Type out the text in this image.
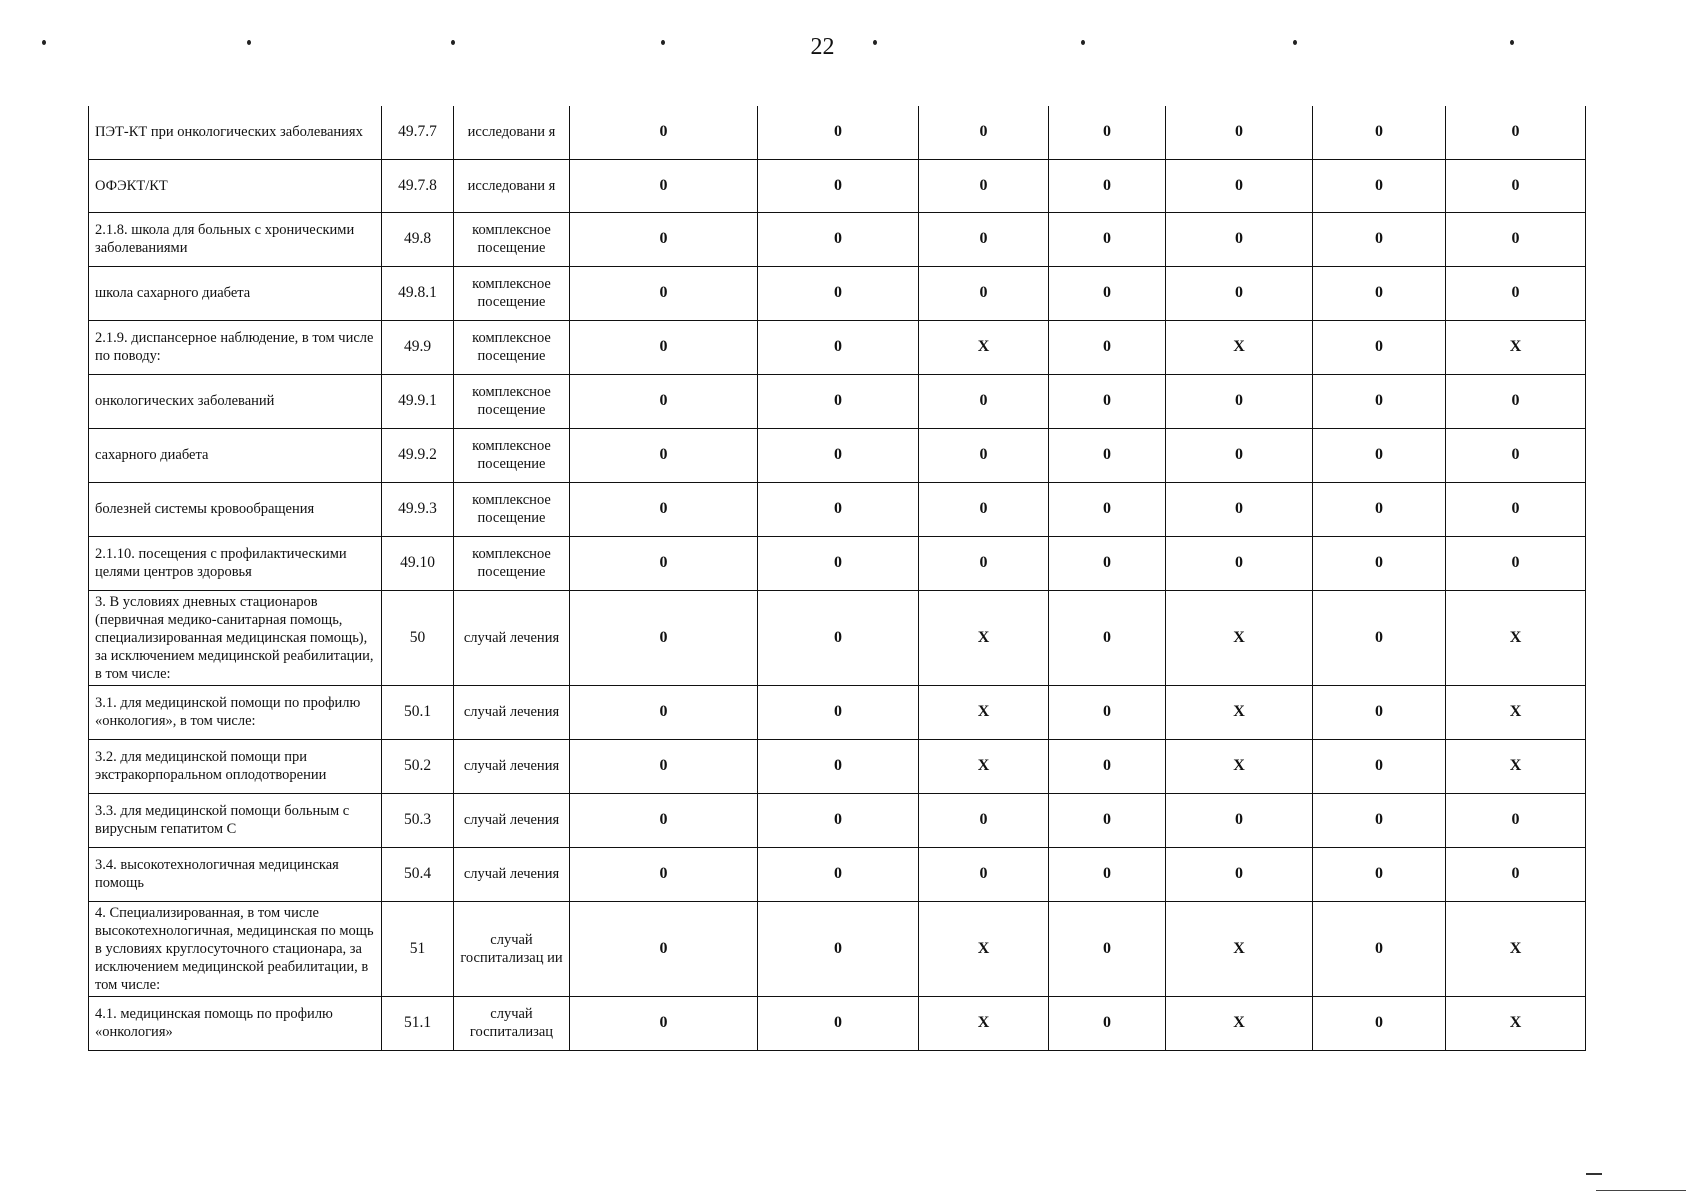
22
ПЭТ-КТ при онкологических заболеваниях	49.7.7	исследовани я	0	0	0	0	0	0	0
ОФЭКТ/КТ	49.7.8	исследовани я	0	0	0	0	0	0	0
2.1.8. школа для больных с хроническими заболеваниями	49.8	комплексное посещение	0	0	0	0	0	0	0
школа сахарного диабета	49.8.1	комплексное посещение	0	0	0	0	0	0	0
2.1.9. диспансерное наблюдение, в том числе по поводу:	49.9	комплексное посещение	0	0	X	0	X	0	X
онкологических заболеваний	49.9.1	комплексное посещение	0	0	0	0	0	0	0
сахарного диабета	49.9.2	комплексное посещение	0	0	0	0	0	0	0
болезней системы кровообращения	49.9.3	комплексное посещение	0	0	0	0	0	0	0
2.1.10. посещения с профилактическими целями центров здоровья	49.10	комплексное посещение	0	0	0	0	0	0	0
3. В условиях дневных стационаров (первичная медико-санитарная помощь, специализированная медицинская помощь), за исключением медицинской реабилитации, в том числе:	50	случай лечения	0	0	X	0	X	0	X
3.1. для медицинской помощи по профилю «онкология», в том числе:	50.1	случай лечения	0	0	X	0	X	0	X
3.2. для медицинской помощи при экстракорпоральном оплодотворении	50.2	случай лечения	0	0	X	0	X	0	X
3.3. для медицинской помощи больным с вирусным гепатитом С	50.3	случай лечения	0	0	0	0	0	0	0
3.4. высокотехнологичная медицинская помощь	50.4	случай лечения	0	0	0	0	0	0	0
4. Специализированная, в том числе высокотехнологичная, медицинская по мощь в условиях круглосуточного стационара, за исключением медицинской реабилитации, в том числе:	51	случай госпитализац ии	0	0	X	0	X	0	X
4.1. медицинская помощь по профилю «онкология»	51.1	случай госпитализац	0	0	X	0	X	0	X
